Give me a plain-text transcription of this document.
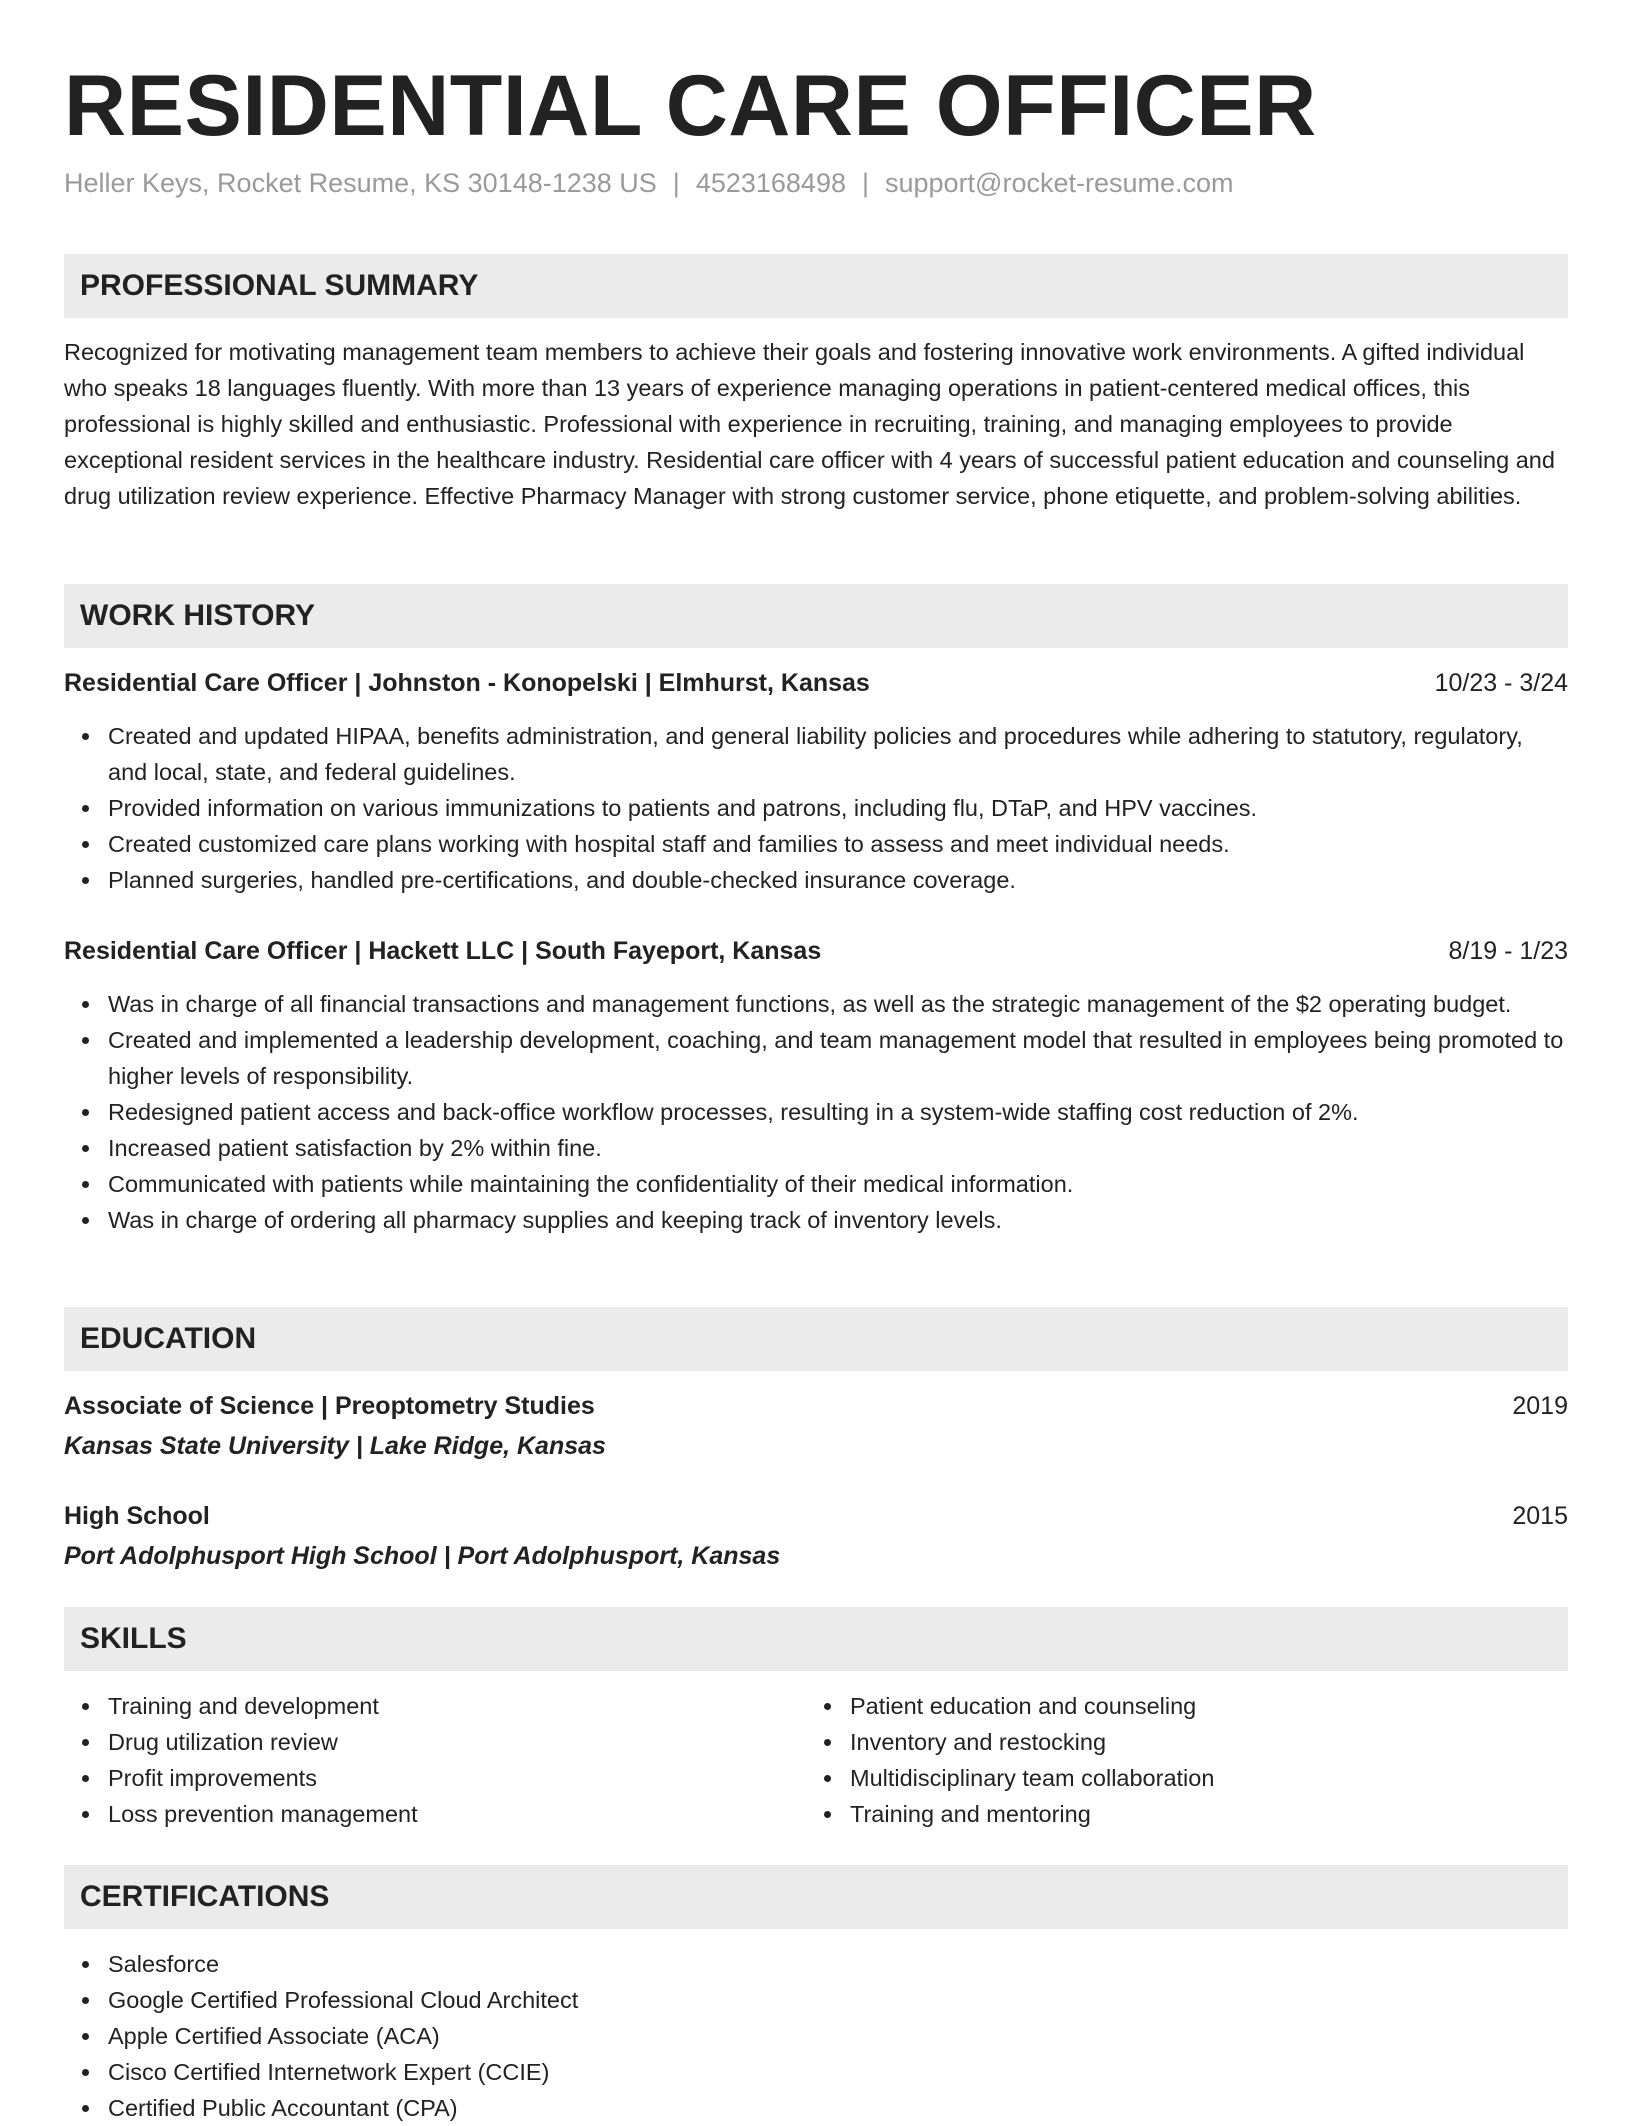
RESIDENTIAL CARE OFFICER
Heller Keys, Rocket Resume, KS 30148-1238 US | 4523168498 | support@rocket-resume.com
PROFESSIONAL SUMMARY

Recognized for motivating management team members to achieve their goals and fostering innovative work environments. A gifted individual who speaks 18 languages fluently. With more than 13 years of experience managing operations in patient-centered medical offices, this professional is highly skilled and enthusiastic. Professional with experience in recruiting, training, and managing employees to provide exceptional resident services in the healthcare industry. Residential care officer with 4 years of successful patient education and counseling and drug utilization review experience. Effective Pharmacy Manager with strong customer service, phone etiquette, and problem-solving abilities.

WORK HISTORY
Residential Care Officer | Johnston - Konopelski | Elmhurst, Kansas	10/23 - 3/24
Created and updated HIPAA, benefits administration, and general liability policies and procedures while adhering to statutory, regulatory, and local, state, and federal guidelines.
Provided information on various immunizations to patients and patrons, including flu, DTaP, and HPV vaccines.
Created customized care plans working with hospital staff and families to assess and meet individual needs.
Planned surgeries, handled pre-certifications, and double-checked insurance coverage.
Residential Care Officer | Hackett LLC | South Fayeport, Kansas	8/19 - 1/23
Was in charge of all financial transactions and management functions, as well as the strategic management of the $2 operating budget.
Created and implemented a leadership development, coaching, and team management model that resulted in employees being promoted to higher levels of responsibility.
Redesigned patient access and back-office workflow processes, resulting in a system-wide staffing cost reduction of 2%.
Increased patient satisfaction by 2% within fine.
Communicated with patients while maintaining the confidentiality of their medical information.
Was in charge of ordering all pharmacy supplies and keeping track of inventory levels.
EDUCATION
Associate of Science | Preoptometry Studies	2019
Kansas State University | Lake Ridge, Kansas
High School	2015
Port Adolphusport High School | Port Adolphusport, Kansas
SKILLS
Training and development
Drug utilization review
Profit improvements
Loss prevention management
Patient education and counseling
Inventory and restocking
Multidisciplinary team collaboration
Training and mentoring
CERTIFICATIONS
Salesforce
Google Certified Professional Cloud Architect
Apple Certified Associate (ACA)
Cisco Certified Internetwork Expert (CCIE)
Certified Public Accountant (CPA)
